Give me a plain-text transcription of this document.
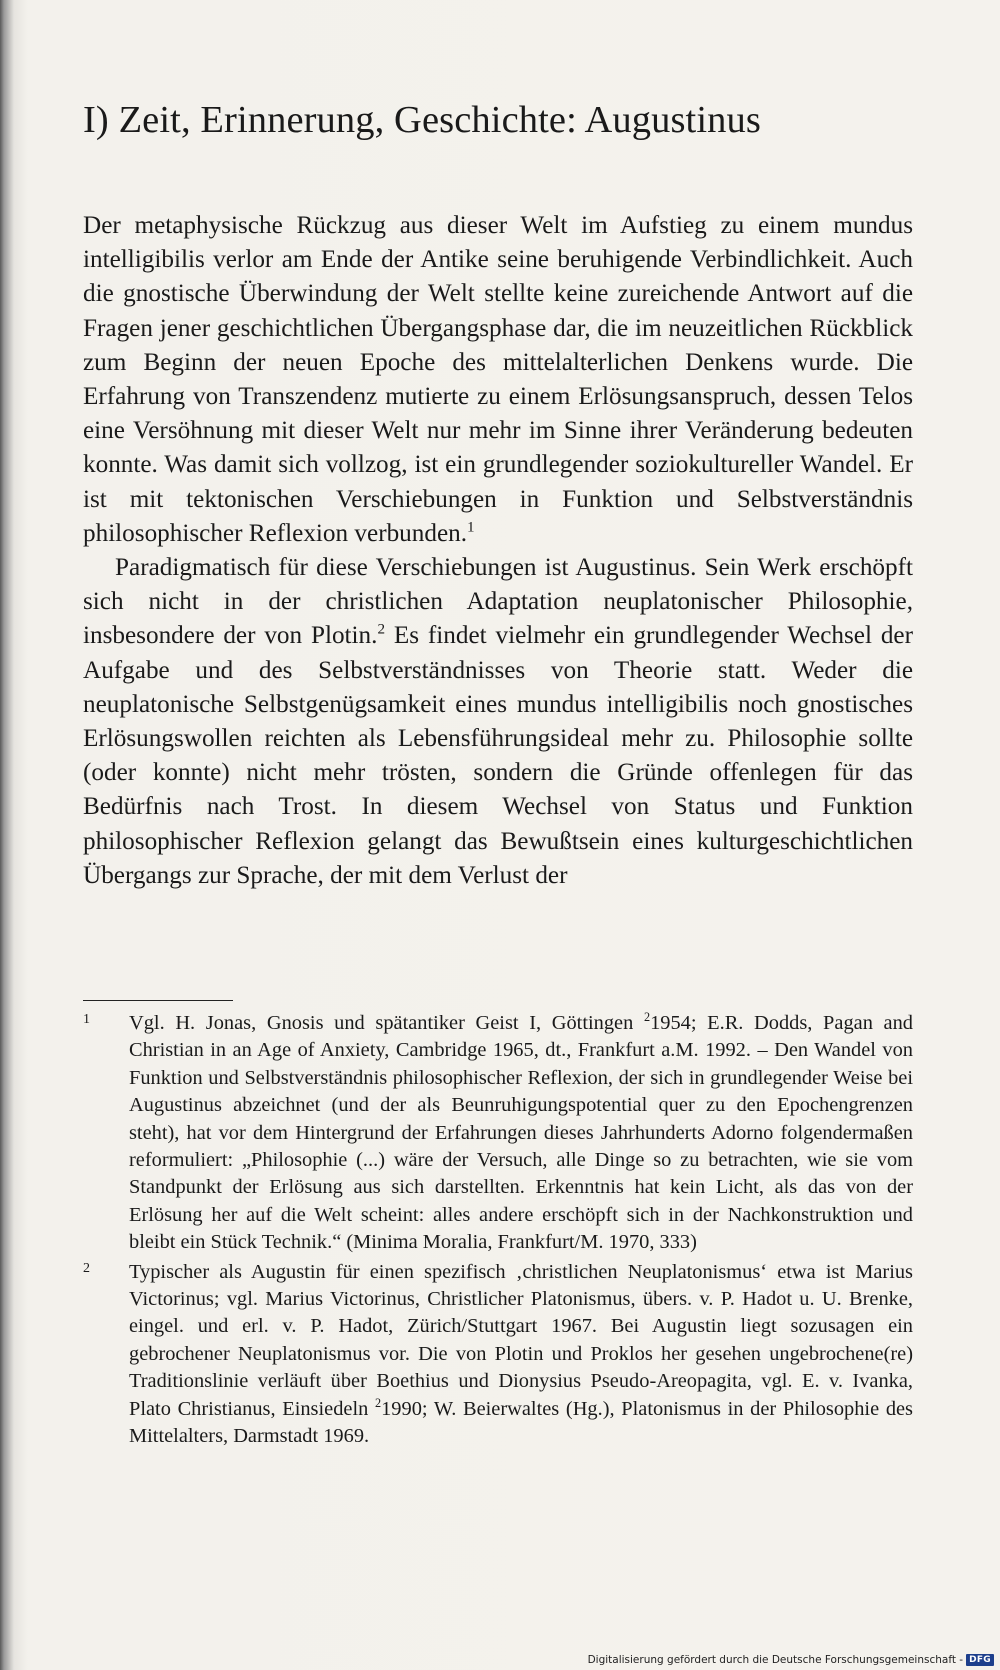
I) Zeit, Erinnerung, Geschichte: Augustinus

Der metaphysische Rückzug aus dieser Welt im Aufstieg zu einem mundus intelligibilis verlor am Ende der Antike seine beruhigende Verbindlichkeit. Auch die gnostische Überwindung der Welt stellte keine zureichende Antwort auf die Fragen jener geschichtlichen Übergangsphase dar, die im neuzeitlichen Rückblick zum Beginn der neuen Epoche des mittelalterlichen Denkens wurde. Die Erfahrung von Transzendenz mutierte zu einem Erlösungsanspruch, dessen Telos eine Versöhnung mit dieser Welt nur mehr im Sinne ihrer Veränderung bedeuten konnte. Was damit sich vollzog, ist ein grundlegender soziokultureller Wandel. Er ist mit tektonischen Verschiebungen in Funktion und Selbstverständnis philosophischer Reflexion verbunden.$^1$

Paradigmatisch für diese Verschiebungen ist Augustinus. Sein Werk erschöpft sich nicht in der christlichen Adaptation neuplatonischer Philosophie, insbesondere der von Plotin.$^2$ Es findet vielmehr ein grundlegender Wechsel der Aufgabe und des Selbstverständnisses von Theorie statt. Weder die neuplatonische Selbstgenügsamkeit eines mundus intelligibilis noch gnostisches Erlösungswollen reichten als Lebensführungsideal mehr zu. Philosophie sollte (oder konnte) nicht mehr trösten, sondern die Gründe offenlegen für das Bedürfnis nach Trost. In diesem Wechsel von Status und Funktion philosophischer Reflexion gelangt das Bewußtsein eines kulturgeschichtlichen Übergangs zur Sprache, der mit dem Verlust der

1 Vgl. H. Jonas, Gnosis und spätantiker Geist I, Göttingen $^2$1954; E.R. Dodds, Pagan and Christian in an Age of Anxiety, Cambridge 1965, dt., Frankfurt a.M. 1992. – Den Wandel von Funktion und Selbstverständnis philosophischer Reflexion, der sich in grundlegender Weise bei Augustinus abzeichnet (und der als Beunruhigungspotential quer zu den Epochengrenzen steht), hat vor dem Hintergrund der Erfahrungen dieses Jahrhunderts Adorno folgendermaßen reformuliert: „Philosophie (...) wäre der Versuch, alle Dinge so zu betrachten, wie sie vom Standpunkt der Erlösung aus sich darstellten. Erkenntnis hat kein Licht, als das von der Erlösung her auf die Welt scheint: alles andere erschöpft sich in der Nachkonstruktion und bleibt ein Stück Technik.“ (Minima Moralia, Frankfurt/M. 1970, 333)
2 Typischer als Augustin für einen spezifisch ‚christlichen Neuplatonismus‘ etwa ist Marius Victorinus; vgl. Marius Victorinus, Christlicher Platonismus, übers. v. P. Hadot u. U. Brenke, eingel. und erl. v. P. Hadot, Zürich/Stuttgart 1967. Bei Augustin liegt sozusagen ein gebrochener Neuplatonismus vor. Die von Plotin und Proklos her gesehen ungebrochene(re) Traditionslinie verläuft über Boethius und Dionysius Pseudo-Areopagita, vgl. E. v. Ivanka, Plato Christianus, Einsiedeln $^2$1990; W. Beierwaltes (Hg.), Platonismus in der Philosophie des Mittelalters, Darmstadt 1969.
Digitalisierung gefördert durch die Deutsche Forschungsgemeinschaft - DFG
